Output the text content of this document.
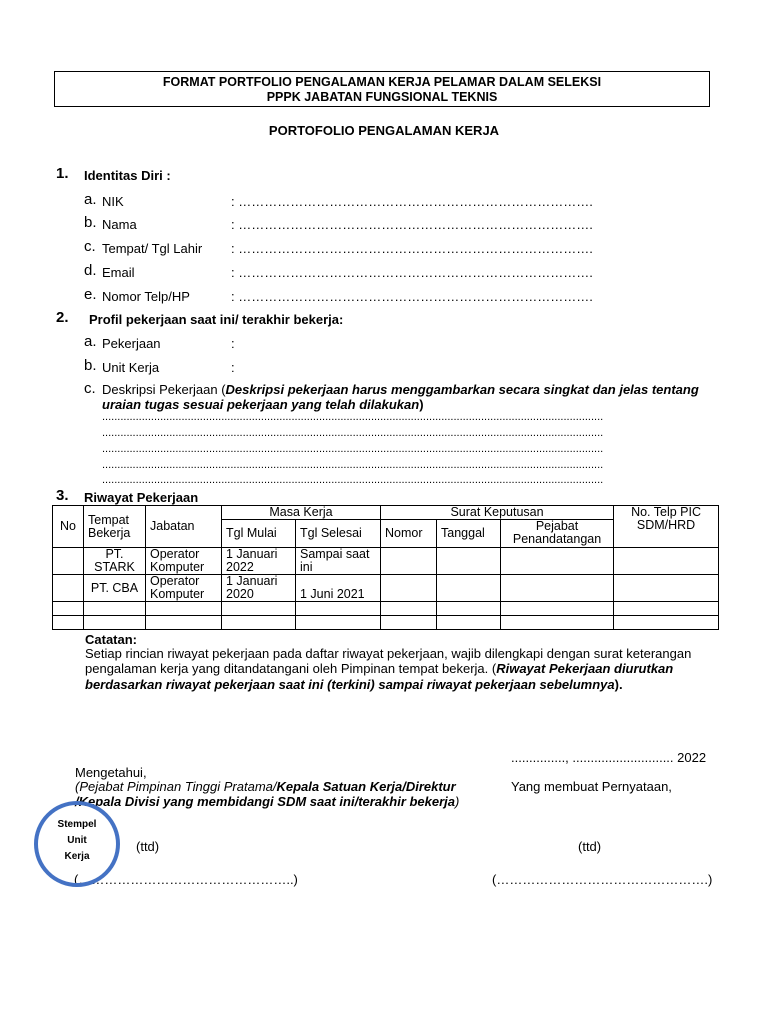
FORMAT PORTFOLIO PENGALAMAN KERJA PELAMAR DALAM SELEKSI
PPPK JABATAN FUNGSIONAL TEKNIS
PORTOFOLIO PENGALAMAN KERJA
1. Identitas Diri :
a. NIK	: ……………………………………………………………………….
b. Nama	: ……………………………………………………………………….
c. Tempat/ Tgl Lahir : ……………………………………………………………………….
d. Email	: ……………………………………………………………………….
e. Nomor Telp/HP	: ……………………………………………………………………….
2. Profil pekerjaan saat ini/ terakhir bekerja:
a. Pekerjaan	:
b. Unit Kerja	:
c. Deskripsi Pekerjaan (Deskripsi pekerjaan harus menggambarkan secara singkat dan jelas tentang
uraian tugas sesuai pekerjaan yang telah dilakukan)
....................................................................................................................................................................
....................................................................................................................................................................
....................................................................................................................................................................
....................................................................................................................................................................
....................................................................................................................................................................
3. Riwayat Pekerjaan
No	Tempat Bekerja	Jabatan	Masa Kerja		Surat Keputusan			No. Telp PIC SDM/HRD
			Tgl Mulai	Tgl Selesai	Nomor	Tanggal	Pejabat Penandatangan	
	PT. STARK	Operator Komputer	1 Januari 2022	Sampai saat ini				
	PT. CBA	Operator Komputer	1 Januari 2020	1 Juni 2021				

Catatan:
Setiap rincian riwayat pekerjaan pada daftar riwayat pekerjaan, wajib dilengkapi dengan surat keterangan
pengalaman kerja yang ditandatangani oleh Pimpinan tempat bekerja. (Riwayat Pekerjaan diurutkan
berdasarkan riwayat pekerjaan saat ini (terkini) sampai riwayat pekerjaan sebelumnya).
..............., ............................ 2022
Mengetahui,
(Pejabat Pimpinan Tinggi Pratama/Kepala Satuan Kerja/Direktur
/Kepala Divisi yang membidangi SDM saat ini/terakhir bekerja)
Yang membuat Pernyataan,
(ttd)	(ttd)
(…………………………………………..)	(………………………………………….)
Stempel
Unit
Kerja
